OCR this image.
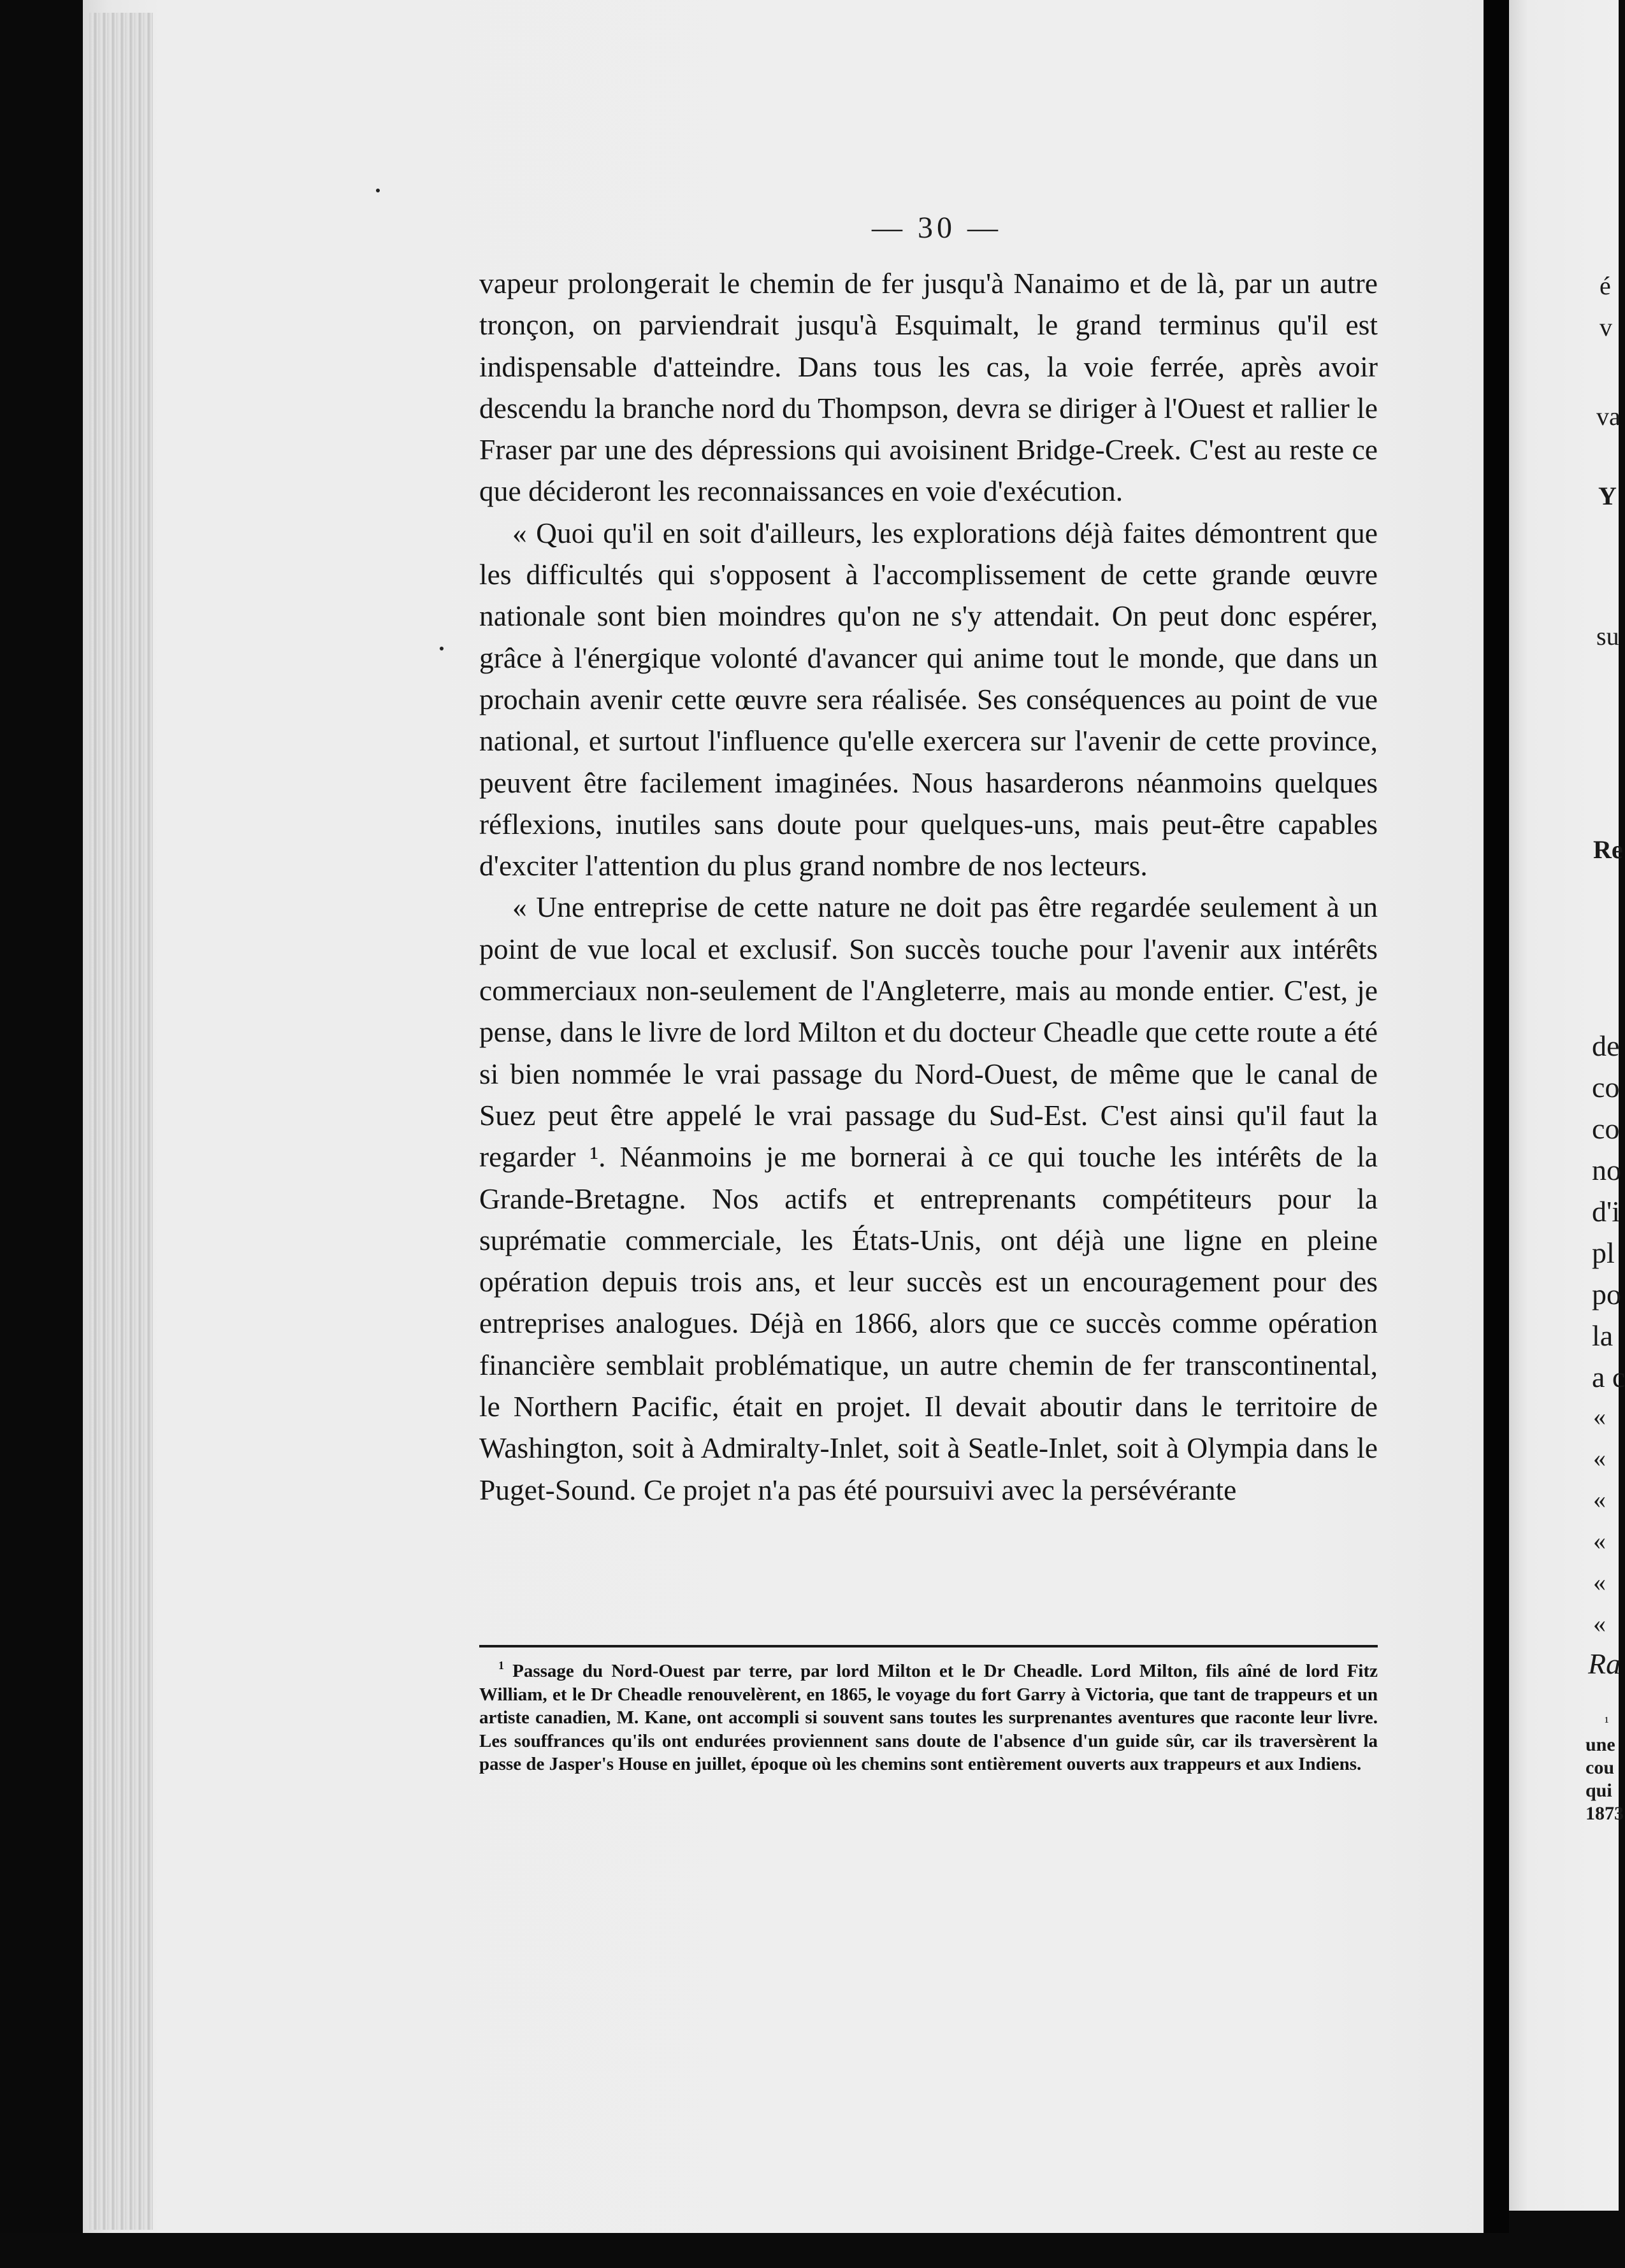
— 30 —

vapeur prolongerait le chemin de fer jusqu'à Nanaimo et de là, par un autre tronçon, on parviendrait jusqu'à Esquimalt, le grand terminus qu'il est indispensable d'atteindre. Dans tous les cas, la voie ferrée, après avoir descendu la branche nord du Thompson, devra se diriger à l'Ouest et rallier le Fraser par une des dépressions qui avoisinent Bridge-Creek. C'est au reste ce que décideront les reconnaissances en voie d'exécution.

« Quoi qu'il en soit d'ailleurs, les explorations déjà faites démontrent que les difficultés qui s'opposent à l'accomplissement de cette grande œuvre nationale sont bien moindres qu'on ne s'y attendait. On peut donc espérer, grâce à l'énergique volonté d'avancer qui anime tout le monde, que dans un prochain avenir cette œuvre sera réalisée. Ses conséquences au point de vue national, et surtout l'influence qu'elle exercera sur l'avenir de cette province, peuvent être facilement imaginées. Nous hasarderons néanmoins quelques réflexions, inutiles sans doute pour quelques-uns, mais peut-être capables d'exciter l'attention du plus grand nombre de nos lecteurs.

« Une entreprise de cette nature ne doit pas être regardée seulement à un point de vue local et exclusif. Son succès touche pour l'avenir aux intérêts commerciaux non-seulement de l'Angleterre, mais au monde entier. C'est, je pense, dans le livre de lord Milton et du docteur Cheadle que cette route a été si bien nommée le vrai passage du Nord-Ouest, de même que le canal de Suez peut être appelé le vrai passage du Sud-Est. C'est ainsi qu'il faut la regarder ¹. Néanmoins je me bornerai à ce qui touche les intérêts de la Grande-Bretagne. Nos actifs et entreprenants compétiteurs pour la suprématie commerciale, les États-Unis, ont déjà une ligne en pleine opération depuis trois ans, et leur succès est un encouragement pour des entreprises analogues. Déjà en 1866, alors que ce succès comme opération financière semblait problématique, un autre chemin de fer transcontinental, le Northern Pacific, était en projet. Il devait aboutir dans le territoire de Washington, soit à Admiralty-Inlet, soit à Seatle-Inlet, soit à Olympia dans le Puget-Sound. Ce projet n'a pas été poursuivi avec la persévérante

$^1$ Passage du Nord-Ouest par terre, par lord Milton et le Dr Cheadle. Lord Milton, fils aîné de lord Fitz William, et le Dr Cheadle renouvelèrent, en 1865, le voyage du fort Garry à Victoria, que tant de trappeurs et un artiste canadien, M. Kane, ont accompli si souvent sans toutes les surprenantes aventures que raconte leur livre. Les souffrances qu'ils ont endurées proviennent sans doute de l'absence d'un guide sûr, car ils traversèrent la passe de Jasper's House en juillet, époque où les chemins sont entièrement ouverts aux trappeurs et aux Indiens.
é
v
va
Y
su
Re
de
co
co
no
d'i
pl
po
la
a c
«
«
«
«
«
«
Ra
¹
une
cou
qui
1873
